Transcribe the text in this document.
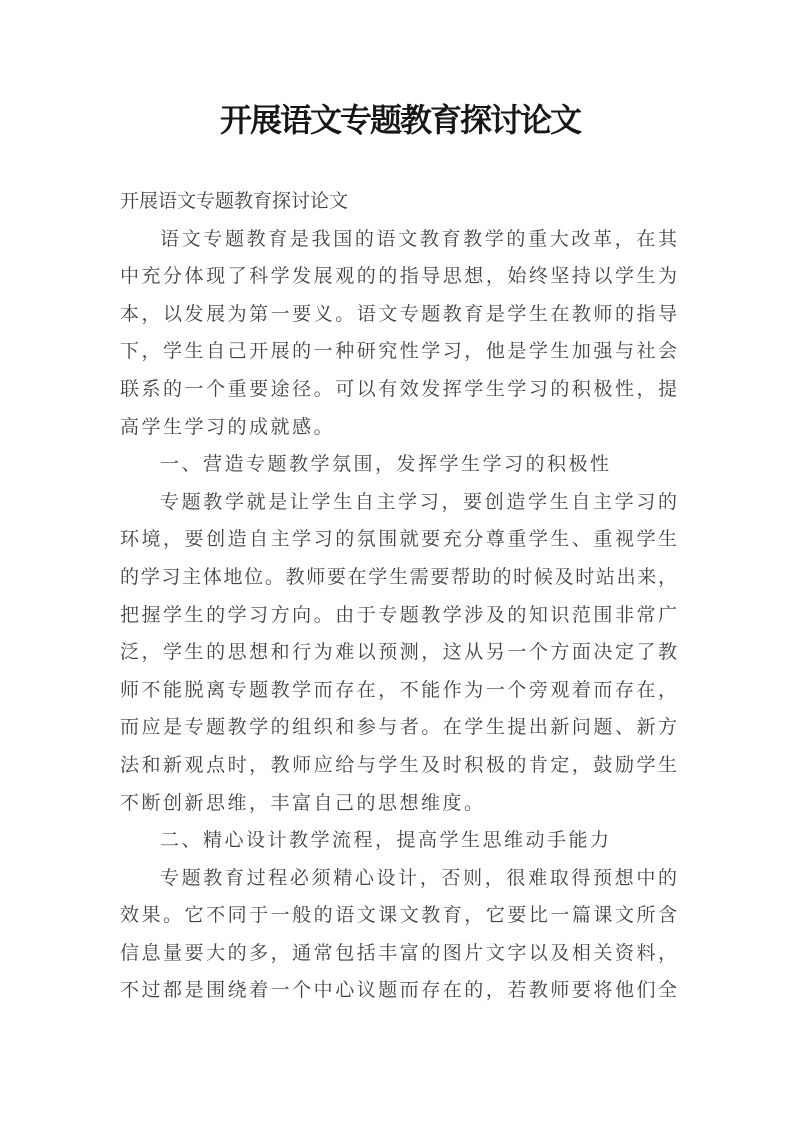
开展语文专题教育探讨论文
开展语文专题教育探讨论文
语文专题教育是我国的语文教育教学的重大改革，在其
中充分体现了科学发展观的的指导思想，始终坚持以学生为
本，以发展为第一要义。语文专题教育是学生在教师的指导
下，学生自己开展的一种研究性学习，他是学生加强与社会
联系的一个重要途径。可以有效发挥学生学习的积极性，提
高学生学习的成就感。
一、营造专题教学氛围，发挥学生学习的积极性
专题教学就是让学生自主学习，要创造学生自主学习的
环境，要创造自主学习的氛围就要充分尊重学生、重视学生
的学习主体地位。教师要在学生需要帮助的时候及时站出来，
把握学生的学习方向。由于专题教学涉及的知识范围非常广
泛，学生的思想和行为难以预测，这从另一个方面决定了教
师不能脱离专题教学而存在，不能作为一个旁观着而存在，
而应是专题教学的组织和参与者。在学生提出新问题、新方
法和新观点时，教师应给与学生及时积极的肯定，鼓励学生
不断创新思维，丰富自己的思想维度。
二、精心设计教学流程，提高学生思维动手能力
专题教育过程必须精心设计，否则，很难取得预想中的
效果。它不同于一般的语文课文教育，它要比一篇课文所含
信息量要大的多，通常包括丰富的图片文字以及相关资料，
不过都是围绕着一个中心议题而存在的，若教师要将他们全
